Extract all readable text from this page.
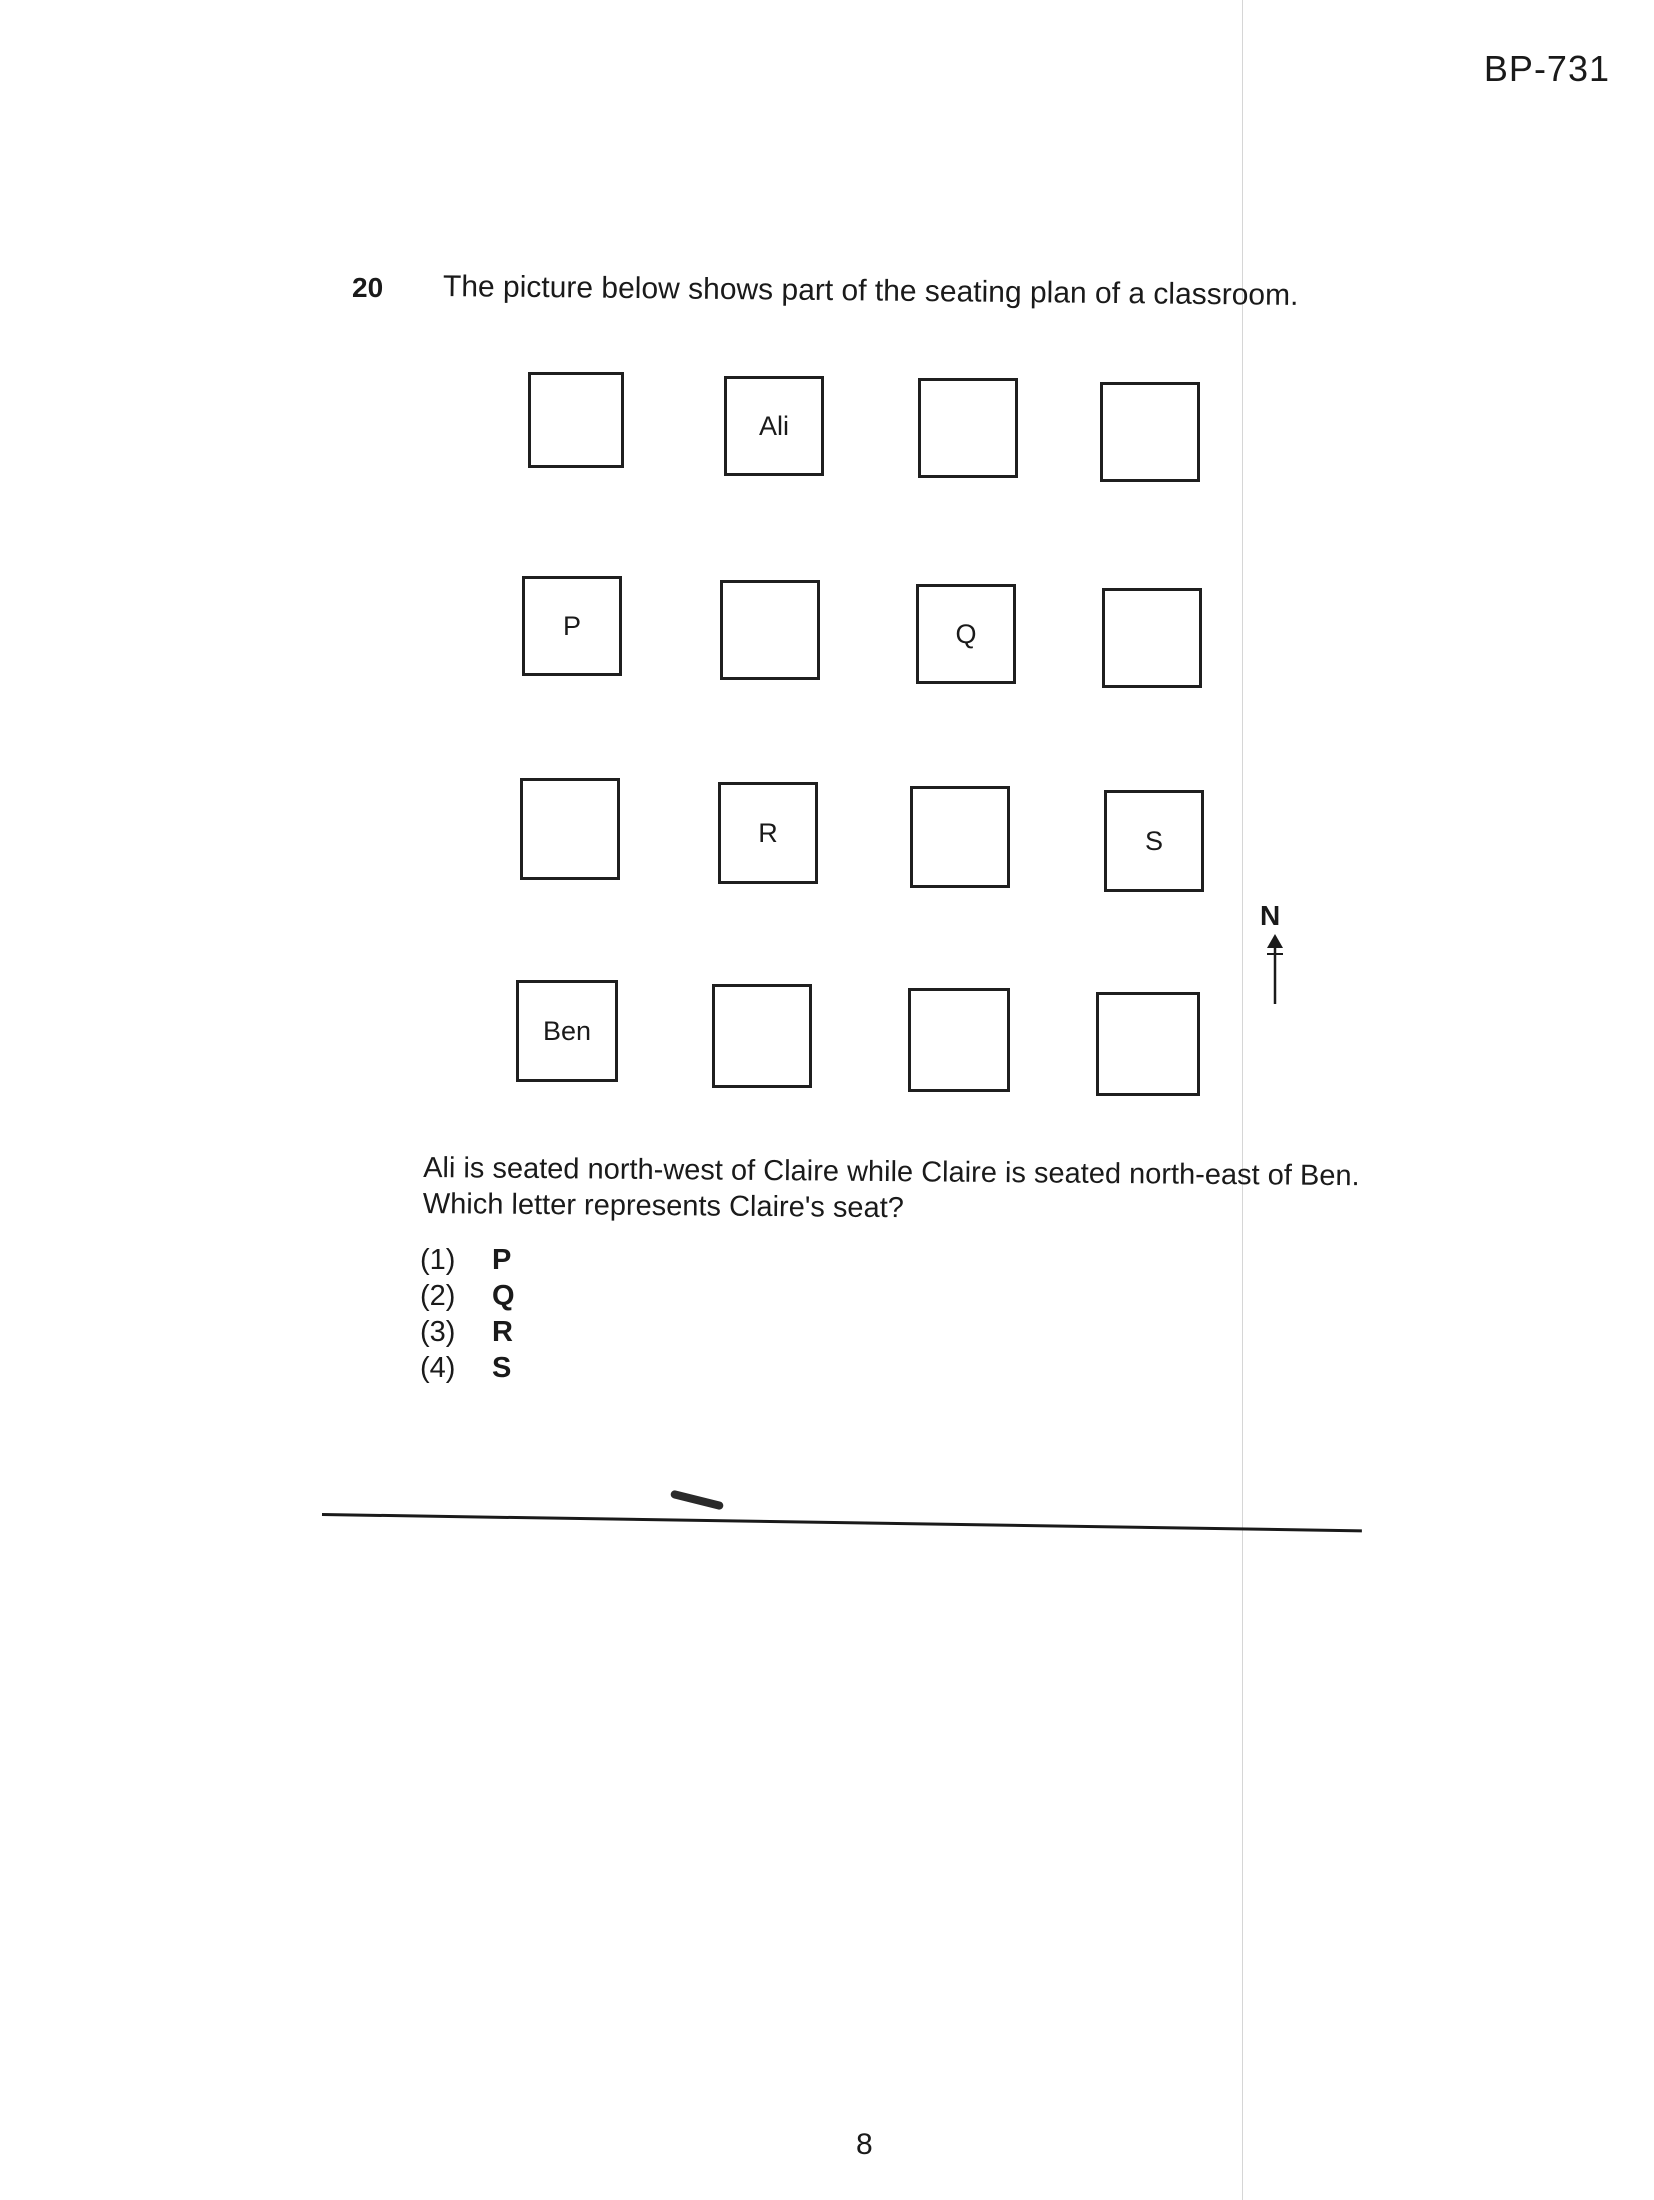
BP-731
20 The picture below shows part of the seating plan of a classroom.
Ali
P	Q
R	S
Ben
N
Ali is seated north-west of Claire while Claire is seated north-east of Ben.
Which letter represents Claire's seat?
(1)	P
(2)	Q
(3)	R
(4)	S
8
